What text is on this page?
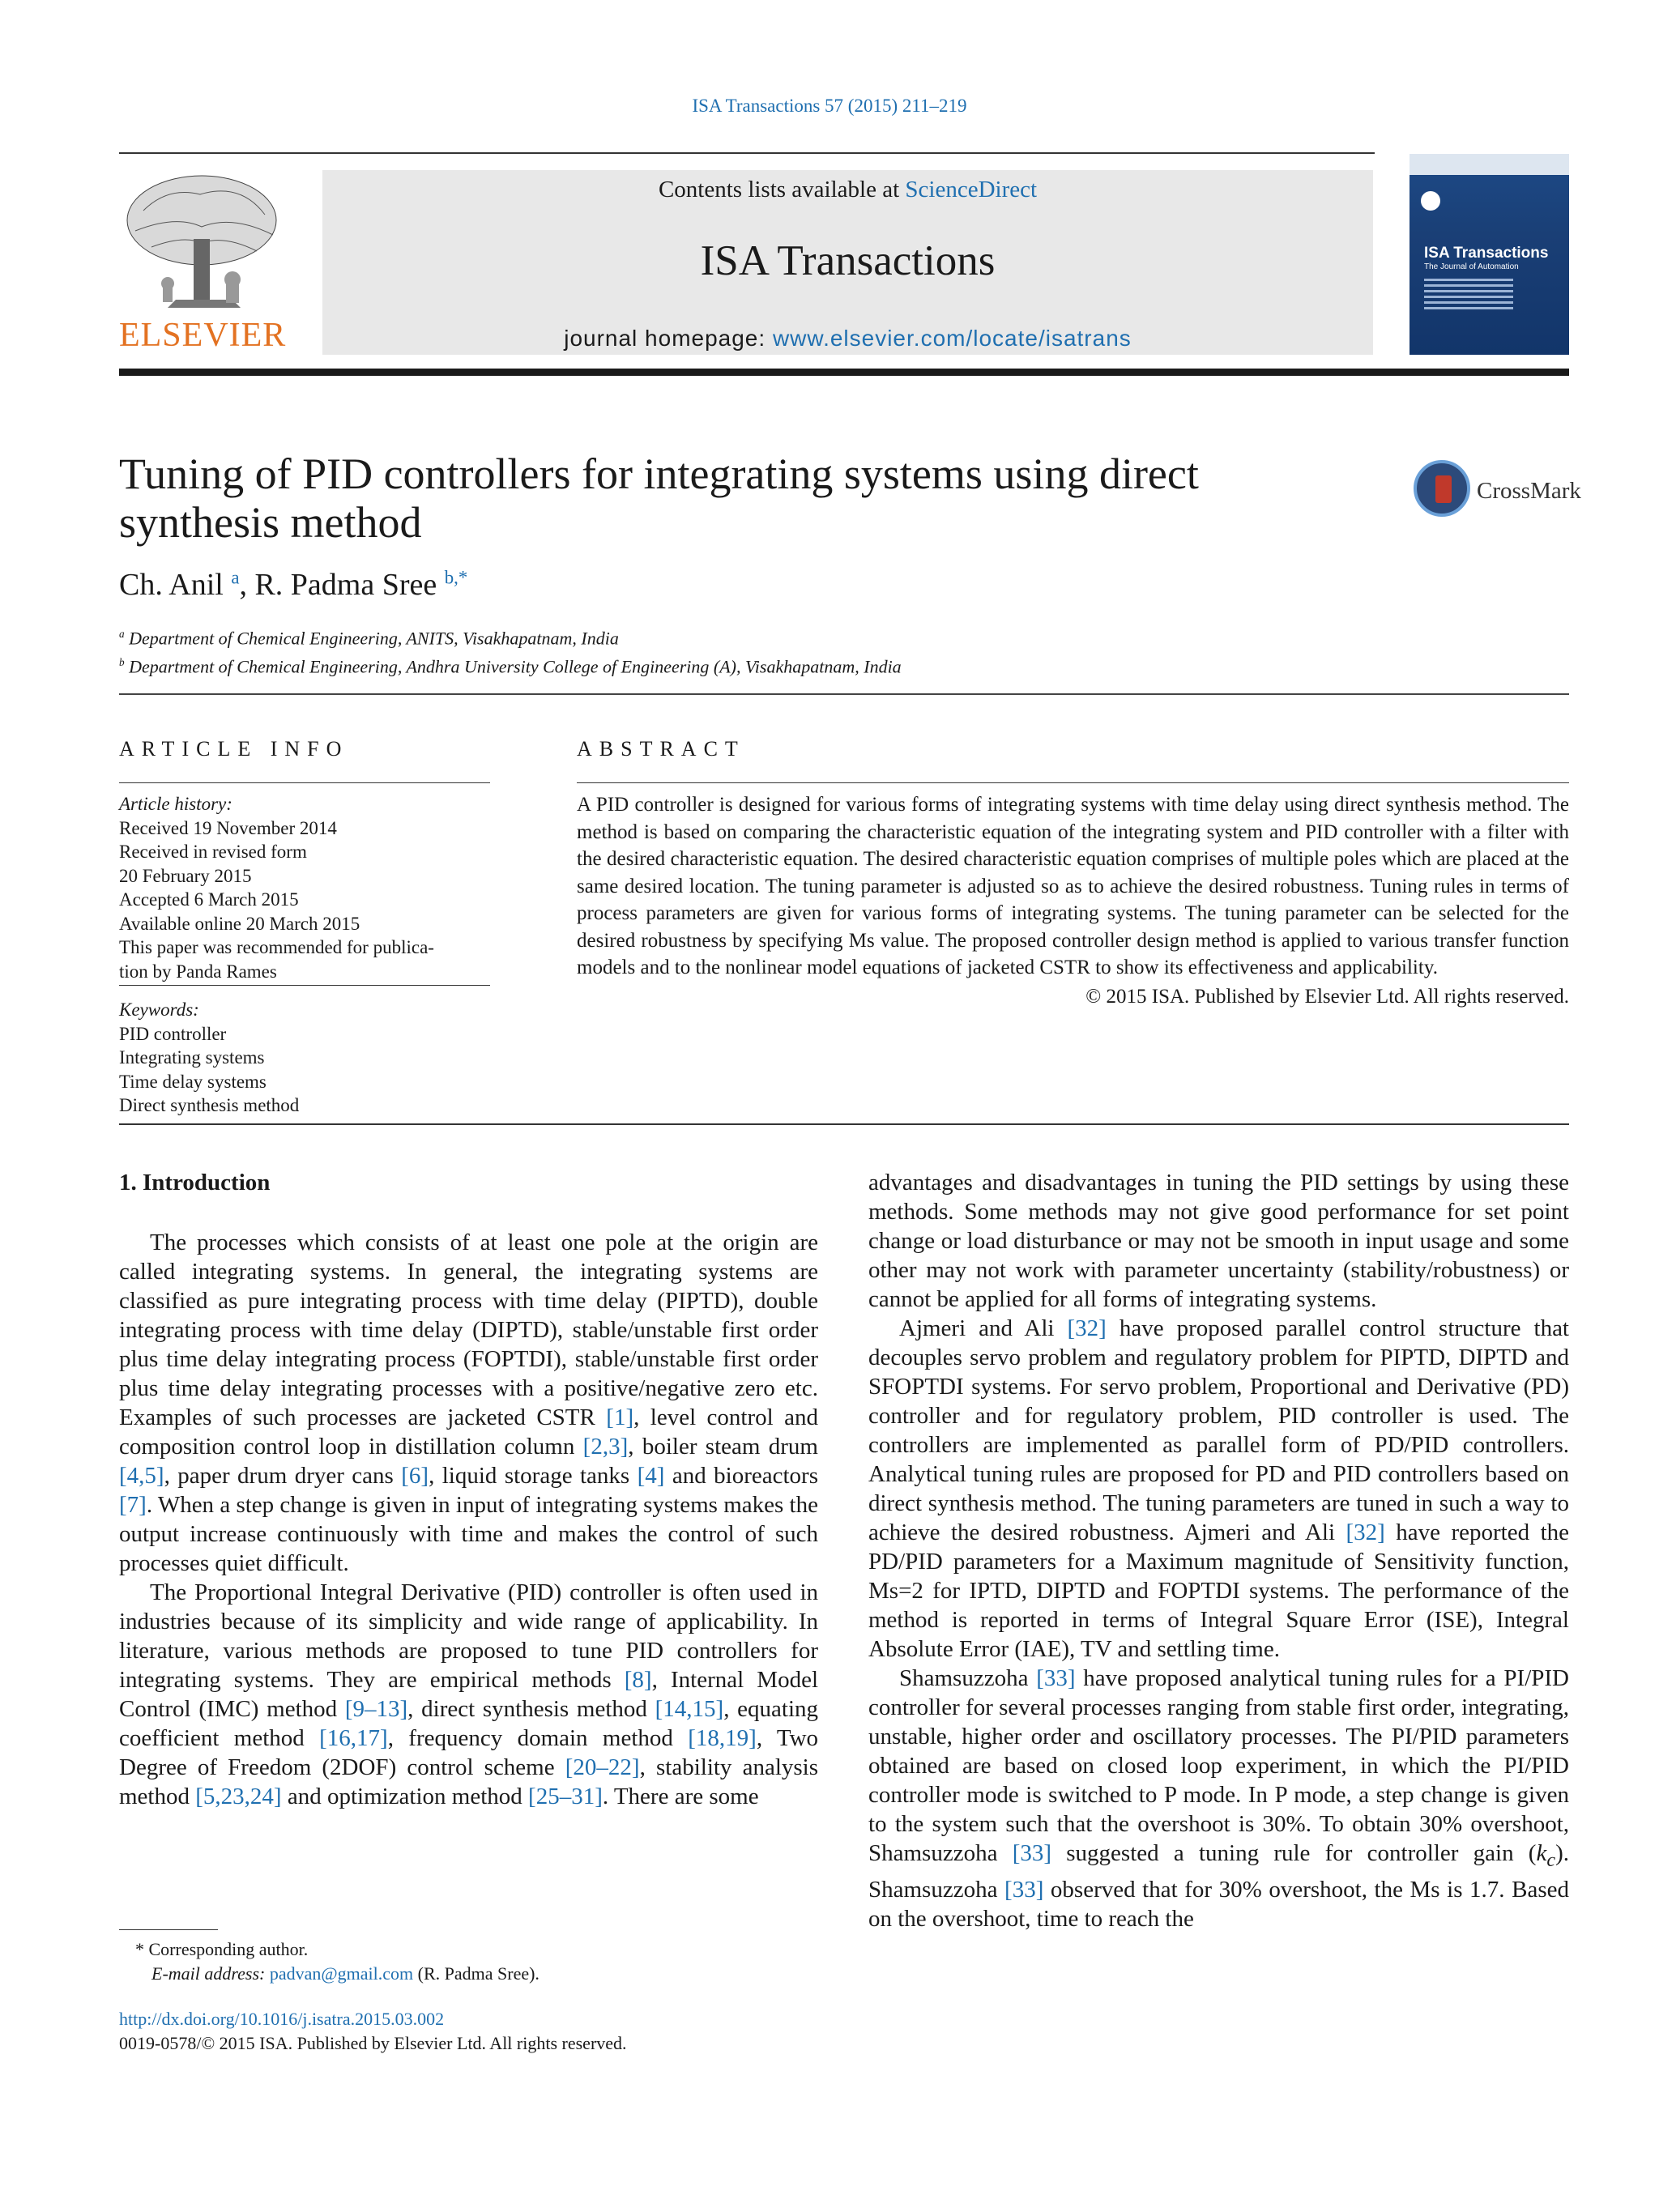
ISA Transactions 57 (2015) 211–219
ELSEVIER
Contents lists available at ScienceDirect
ISA Transactions
journal homepage: www.elsevier.com/locate/isatrans
ISA Transactions
The Journal of Automation
Tuning of PID controllers for integrating systems using direct synthesis method
CrossMark
Ch. Anil $^a$, R. Padma Sree $^{b,*}$
$^a$ Department of Chemical Engineering, ANITS, Visakhapatnam, India
$^b$ Department of Chemical Engineering, Andhra University College of Engineering (A), Visakhapatnam, India
ARTICLE INFO	ABSTRACT
Article history:
Received 19 November 2014
Received in revised form
20 February 2015
Accepted 6 March 2015
Available online 20 March 2015
This paper was recommended for publica-
tion by Panda Rames
Keywords:
PID controller
Integrating systems
Time delay systems
Direct synthesis method
A PID controller is designed for various forms of integrating systems with time delay using direct synthesis method. The method is based on comparing the characteristic equation of the integrating system and PID controller with a filter with the desired characteristic equation. The desired characteristic equation comprises of multiple poles which are placed at the same desired location. The tuning parameter is adjusted so as to achieve the desired robustness. Tuning rules in terms of process parameters are given for various forms of integrating systems. The tuning parameter can be selected for the desired robustness by specifying Ms value. The proposed controller design method is applied to various transfer function models and to the nonlinear model equations of jacketed CSTR to show its effectiveness and applicability.
© 2015 ISA. Published by Elsevier Ltd. All rights reserved.
1. Introduction

The processes which consists of at least one pole at the origin are called integrating systems. In general, the integrating systems are classified as pure integrating process with time delay (PIPTD), double integrating process with time delay (DIPTD), stable/unstable first order plus time delay integrating process (FOPTDI), stable/unstable first order plus time delay integrating processes with a positive/negative zero etc. Examples of such processes are jacketed CSTR [1], level control and composition control loop in distillation column [2,3], boiler steam drum [4,5], paper drum dryer cans [6], liquid storage tanks [4] and bioreactors [7]. When a step change is given in input of integrating systems makes the output increase continuously with time and makes the control of such processes quiet difficult.

The Proportional Integral Derivative (PID) controller is often used in industries because of its simplicity and wide range of applicability. In literature, various methods are proposed to tune PID controllers for integrating systems. They are empirical methods [8], Internal Model Control (IMC) method [9–13], direct synthesis method [14,15], equating coefficient method [16,17], frequency domain method [18,19], Two Degree of Freedom (2DOF) control scheme [20–22], stability analysis method [5,23,24] and optimization method [25–31]. There are some

advantages and disadvantages in tuning the PID settings by using these methods. Some methods may not give good performance for set point change or load disturbance or may not be smooth in input usage and some other may not work with parameter uncertainty (stability/robustness) or cannot be applied for all forms of integrating systems.

Ajmeri and Ali [32] have proposed parallel control structure that decouples servo problem and regulatory problem for PIPTD, DIPTD and SFOPTDI systems. For servo problem, Proportional and Derivative (PD) controller and for regulatory problem, PID controller is used. The controllers are implemented as parallel form of PD/PID controllers. Analytical tuning rules are proposed for PD and PID controllers based on direct synthesis method. The tuning parameters are tuned in such a way to achieve the desired robustness. Ajmeri and Ali [32] have reported the PD/PID parameters for a Maximum magnitude of Sensitivity function, Ms=2 for IPTD, DIPTD and FOPTDI systems. The performance of the method is reported in terms of Integral Square Error (ISE), Integral Absolute Error (IAE), TV and settling time.

Shamsuzzoha [33] have proposed analytical tuning rules for a PI/PID controller for several processes ranging from stable first order, integrating, unstable, higher order and oscillatory processes. The PI/PID parameters obtained are based on closed loop experiment, in which the PI/PID controller mode is switched to P mode. In P mode, a step change is given to the system such that the overshoot is 30%. To obtain 30% overshoot, Shamsuzzoha [33] suggested a tuning rule for controller gain $(k_c)$. Shamsuzzoha [33] observed that for 30% overshoot, the Ms is 1.7. Based on the overshoot, time to reach the

* Corresponding author.
E-mail address: padvan@gmail.com (R. Padma Sree).
http://dx.doi.org/10.1016/j.isatra.2015.03.002
0019-0578/© 2015 ISA. Published by Elsevier Ltd. All rights reserved.
